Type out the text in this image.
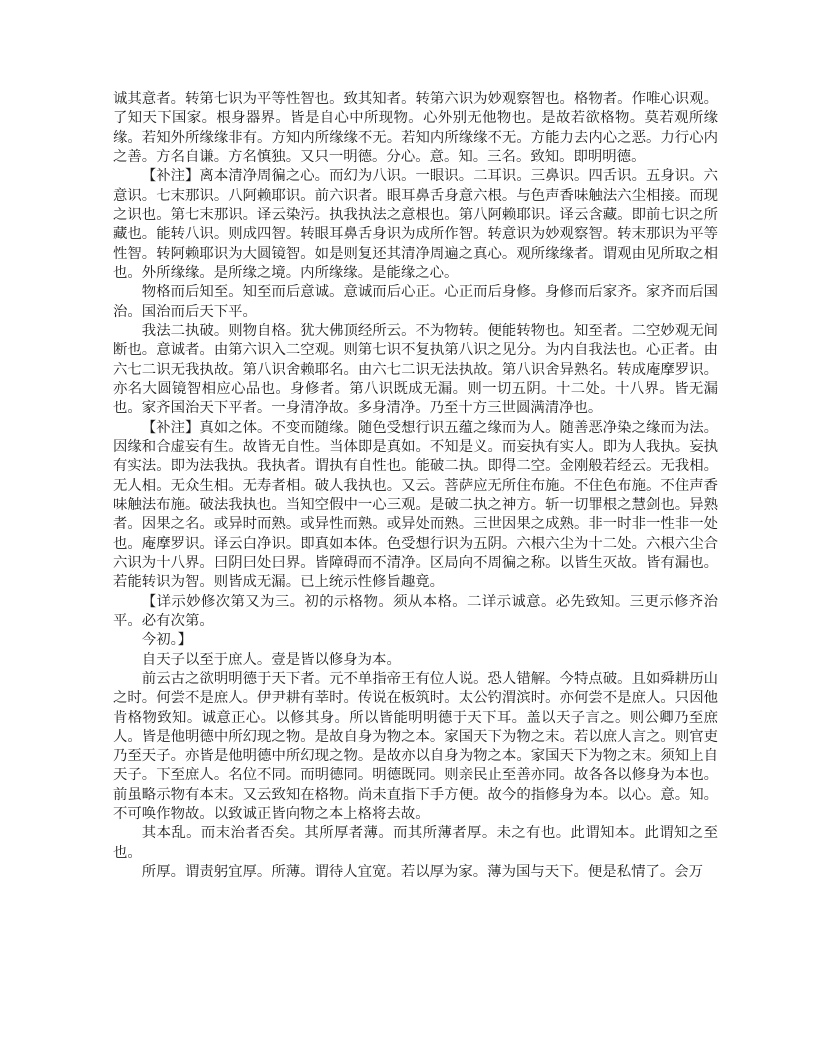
诚其意者。转第七识为平等性智也。致其知者。转第六识为妙观察智也。格物者。作唯心识观。了知天下国家。根身器界。皆是自心中所现物。心外别无他物也。是故若欲格物。莫若观所缘缘。若知外所缘缘非有。方知内所缘缘不无。若知内所缘缘不无。方能力去内心之恶。力行心内之善。方名自谦。方名慎独。又只一明德。分心。意。知。三名。致知。即明明德。

【补注】离本清净周徧之心。而幻为八识。一眼识。二耳识。三鼻识。四舌识。五身识。六意识。七末那识。八阿赖耶识。前六识者。眼耳鼻舌身意六根。与色声香味触法六尘相接。而现之识也。第七末那识。译云染污。执我执法之意根也。第八阿赖耶识。译云含藏。即前七识之所藏也。能转八识。则成四智。转眼耳鼻舌身识为成所作智。转意识为妙观察智。转末那识为平等性智。转阿赖耶识为大圆镜智。如是则复还其清净周遍之真心。观所缘缘者。谓观由见所取之相也。外所缘缘。是所缘之境。内所缘缘。是能缘之心。

物格而后知至。知至而后意诚。意诚而后心正。心正而后身修。身修而后家齐。家齐而后国治。国治而后天下平。

我法二执破。则物自格。犹大佛顶经所云。不为物转。便能转物也。知至者。二空妙观无间断也。意诚者。由第六识入二空观。则第七识不复执第八识之见分。为内自我法也。心正者。由六七二识无我执故。第八识舍赖耶名。由六七二识无法执故。第八识舍异熟名。转成庵摩罗识。亦名大圆镜智相应心品也。身修者。第八识既成无漏。则一切五阴。十二处。十八界。皆无漏也。家齐国治天下平者。一身清净故。多身清净。乃至十方三世圆满清净也。

【补注】真如之体。不变而随缘。随色受想行识五蕴之缘而为人。随善恶净染之缘而为法。因缘和合虚妄有生。故皆无自性。当体即是真如。不知是义。而妄执有实人。即为人我执。妄执有实法。即为法我执。我执者。谓执有自性也。能破二执。即得二空。金刚般若经云。无我相。无人相。无众生相。无寿者相。破人我执也。又云。菩萨应无所住布施。不住色布施。不住声香味触法布施。破法我执也。当知空假中一心三观。是破二执之神方。斩一切罪根之慧剑也。异熟者。因果之名。或异时而熟。或异性而熟。或异处而熟。三世因果之成熟。非一时非一性非一处也。庵摩罗识。译云白净识。即真如本体。色受想行识为五阴。六根六尘为十二处。六根六尘合六识为十八界。曰阴曰处曰界。皆障碍而不清净。区局向不周徧之称。以皆生灭故。皆有漏也。若能转识为智。则皆成无漏。已上统示性修旨趣竟。

【详示妙修次第又为三。初的示格物。须从本格。二详示诚意。必先致知。三更示修齐治平。必有次第。

今初。】

自天子以至于庶人。壹是皆以修身为本。

前云古之欲明明德于天下者。元不单指帝王有位人说。恐人错解。今特点破。且如舜耕历山之时。何尝不是庶人。伊尹耕有莘时。传说在板筑时。太公钓渭滨时。亦何尝不是庶人。只因他肯格物致知。诚意正心。以修其身。所以皆能明明德于天下耳。盖以天子言之。则公卿乃至庶人。皆是他明德中所幻现之物。是故自身为物之本。家国天下为物之末。若以庶人言之。则官吏乃至天子。亦皆是他明德中所幻现之物。是故亦以自身为物之本。家国天下为物之末。须知上自天子。下至庶人。名位不同。而明德同。明德既同。则亲民止至善亦同。故各各以修身为本也。前虽略示物有本末。又云致知在格物。尚未直指下手方便。故今的指修身为本。以心。意。知。不可唤作物故。以致诚正皆向物之本上格将去故。

其本乱。而末治者否矣。其所厚者薄。而其所薄者厚。未之有也。此谓知本。此谓知之至也。

所厚。谓责躬宜厚。所薄。谓待人宜宽。若以厚为家。薄为国与天下。便是私情了。会万
